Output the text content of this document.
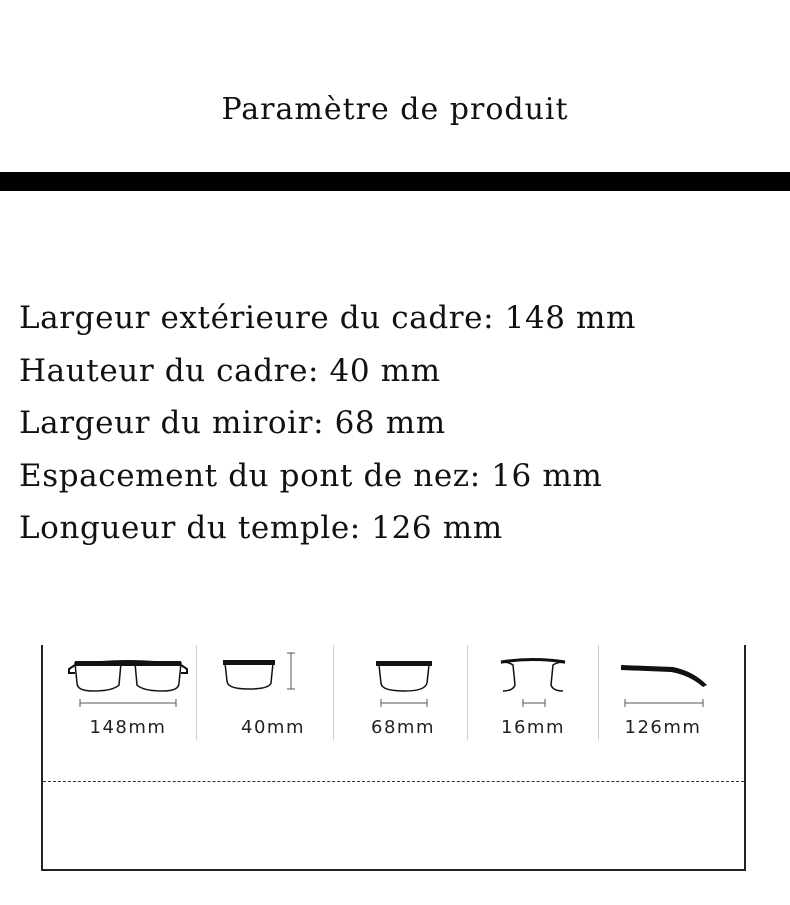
Paramètre de produit
Largeur extérieure du cadre: 148 mm
Hauteur du cadre: 40 mm
Largeur du miroir: 68 mm
Espacement du pont de nez: 16 mm
Longueur du temple: 126 mm
148mm	40mm	68mm	16mm	126mm
